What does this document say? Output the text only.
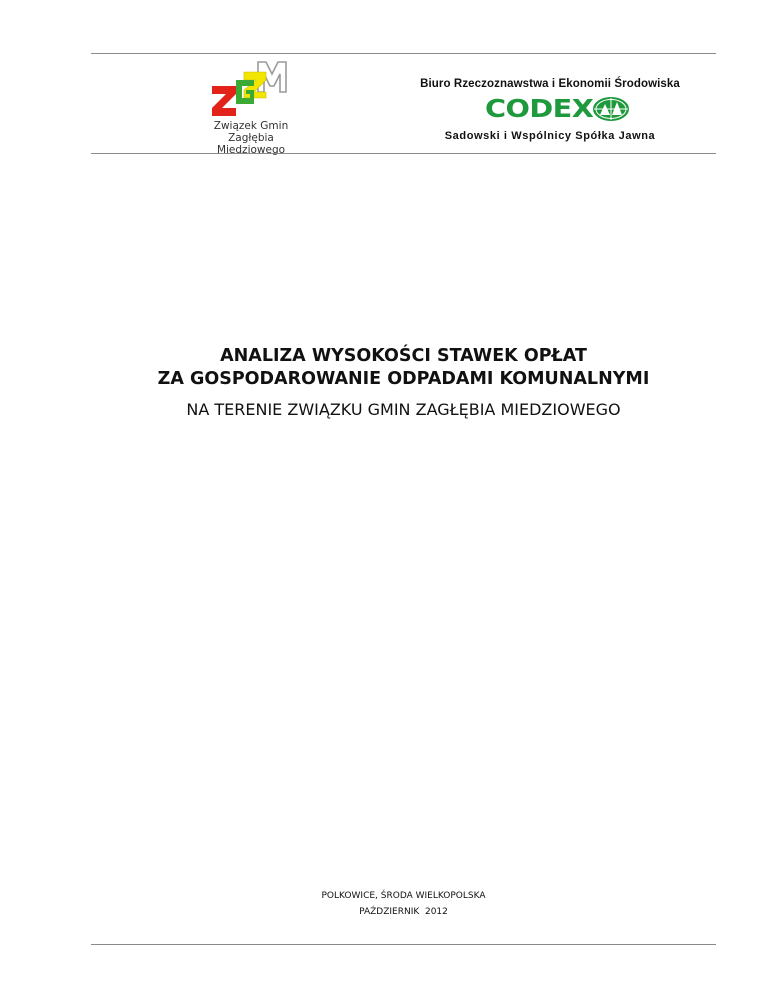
Związek Gmin
Zagłębia Miedziowego
Biuro Rzeczoznawstwa i Ekonomii Środowiska
CODEX
Sadowski i Wspólnicy Spółka Jawna
ANALIZA WYSOKOŚCI STAWEK OPŁAT
ZA GOSPODAROWANIE ODPADAMI KOMUNALNYMI
NA TERENIE ZWIĄZKU GMIN ZAGŁĘBIA MIEDZIOWEGO
POLKOWICE, ŚRODA WIELKOPOLSKA
PAŹDZIERNIK  2012
